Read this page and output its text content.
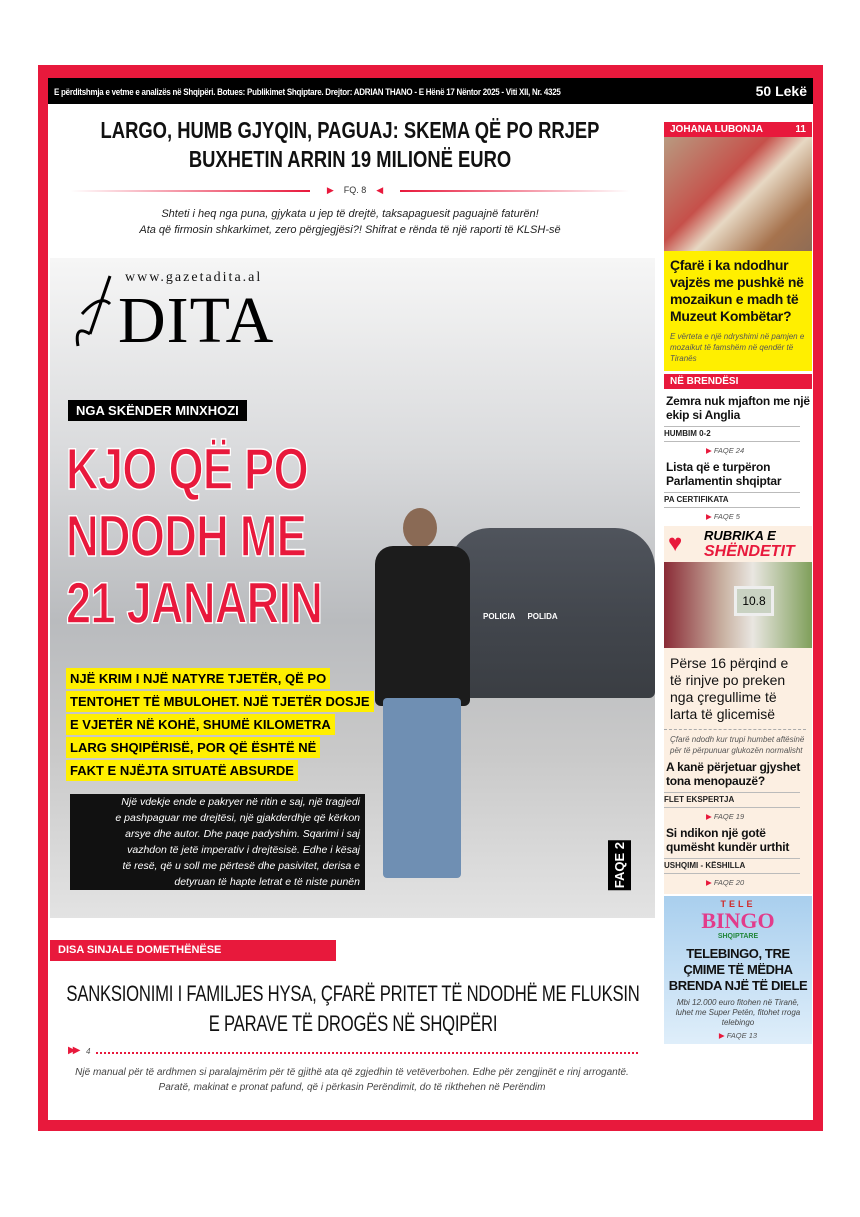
E përditshmja e vetme e analizës në Shqipëri. Botues: Publikimet Shqiptare. Drejtor: ADRIAN THANO - E Hënë 17 Nëntor 2025 - Viti XII, Nr. 4325	50 Lekë
LARGO, HUMB GJYQIN, PAGUAJ: SKEMA QË PO RRJEP BUXHETIN ARRIN 19 MILIONË EURO
▶ FQ. 8 ◀
Shteti i heq nga puna, gjykata u jep të drejtë, taksapaguesit paguajnë faturën!
Ata që firmosin shkarkimet, zero përgjegjësi?! Shifrat e rënda të një raporti të KLSH-së
www.gazetadita.al
DITA
NGA SKËNDER MINXHOZI
KJO QË PO
NDODH ME
21 JANARIN
NJË KRIM I NJË NATYRE TJETËR, QË PO
TENTOHET TË MBULOHET. NJË TJETËR DOSJE
E VJETËR NË KOHË, SHUMË KILOMETRA
LARG SHQIPËRISË, POR QË ËSHTË NË
FAKT E NJËJTA SITUATË ABSURDE
Një vdekje ende e pakryer në ritin e saj, një tragjedi
e pashpaguar me drejtësi, një gjakderdhje që kërkon
arsye dhe autor. Dhe paqe padyshim. Sqarimi i saj
vazhdon të jetë imperativ i drejtësisë. Edhe i kësaj
të resë, që u soll me përtesë dhe pasivitet, derisa e
detyruan të hapte letrat e të niste punën	FAQE 2
POLICIA POLIDA
DISA SINJALE DOMETHËNËSE
SANKSIONIMI I FAMILJES HYSA, ÇFARË PRITET TË NDODHË ME FLUKSIN E PARAVE TË DROGËS NË SHQIPËRI
▶▶ 4
Një manual për të ardhmen si paralajmërim për të gjithë ata që zgjedhin të vetëverbohen. Edhe për zengjinët e rinj arrogantë. Paratë, makinat e pronat pafund, që i përkasin Perëndimit, do të rikthehen në Perëndim
JOHANA LUBONJA	11
Çfarë i ka ndodhur vajzës me pushkë në mozaikun e madh të Muzeut Kombëtar?
E vërteta e një ndryshimi në pamjen e mozaikut të famshëm në qendër të Tiranës
NË BRENDËSI
Zemra nuk mjafton me një ekip si Anglia
HUMBIM 0-2
▶ FAQE 24
Lista që e turpëron Parlamentin shqiptar
PA CERTIFIKATA
▶ FAQE 5
♥ RUBRIKA E
SHËNDETIT
10.8
Përse 16 përqind e të rinjve po preken nga çregullime të larta të glicemisë
Çfarë ndodh kur trupi humbet aftësinë për të përpunuar glukozën normalisht
A kanë përjetuar gjyshet tona menopauzë?
FLET EKSPERTJA
▶ FAQE 19
Si ndikon një gotë qumësht kundër urthit
USHQIMI - KËSHILLA
▶ FAQE 20
TELE
BINGO
SHQIPTARE
TELEBINGO, TRE ÇMIME TË MËDHA BRENDA NJË TË DIELE
Mbi 12.000 euro fitohen në Tiranë, luhet me Super Petën, fitohet rroga telebingo
▶ FAQE 13
